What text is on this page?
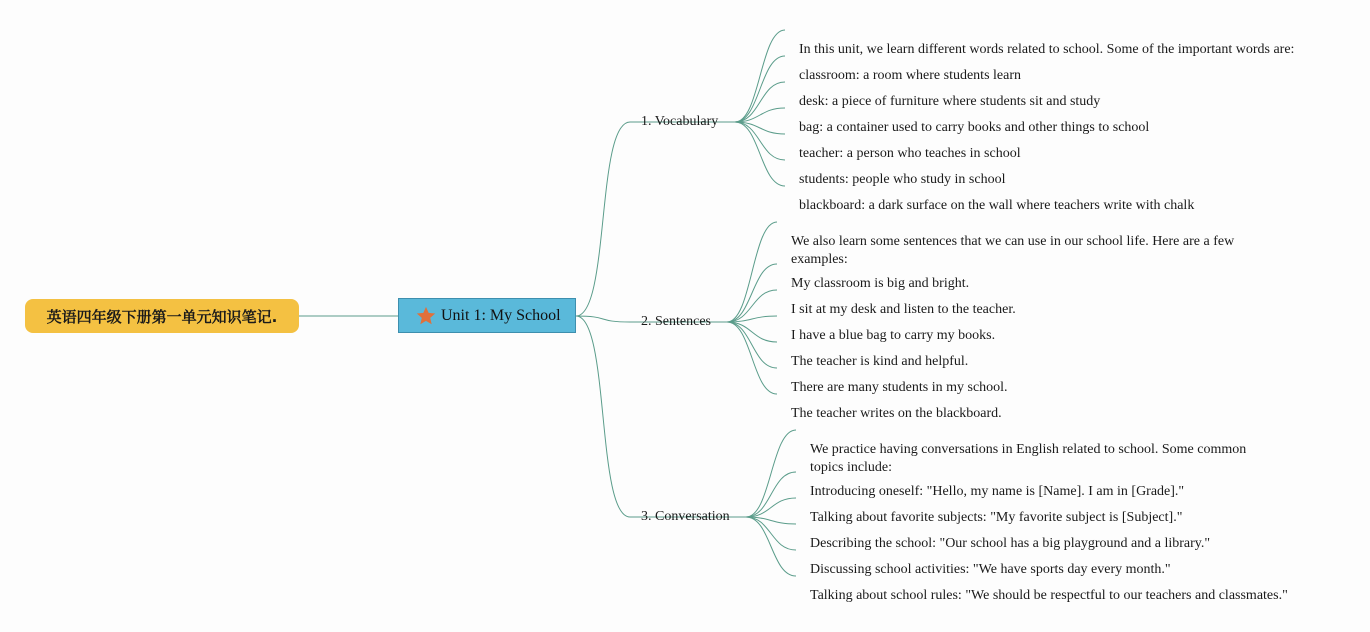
英语四年级下册第一单元知识笔记.	Unit 1: My School
1. Vocabulary
In this unit, we learn different words related to school. Some of the important words are:
classroom: a room where students learn
desk: a piece of furniture where students sit and study
bag: a container used to carry books and other things to school
teacher: a person who teaches in school
students: people who study in school
blackboard: a dark surface on the wall where teachers write with chalk
2. Sentences
We also learn some sentences that we can use in our school life. Here are a few examples:
My classroom is big and bright.
I sit at my desk and listen to the teacher.
I have a blue bag to carry my books.
The teacher is kind and helpful.
There are many students in my school.
The teacher writes on the blackboard.
3. Conversation
We practice having conversations in English related to school. Some common topics include:
Introducing oneself: "Hello, my name is [Name]. I am in [Grade]."
Talking about favorite subjects: "My favorite subject is [Subject]."
Describing the school: "Our school has a big playground and a library."
Discussing school activities: "We have sports day every month."
Talking about school rules: "We should be respectful to our teachers and classmates."
